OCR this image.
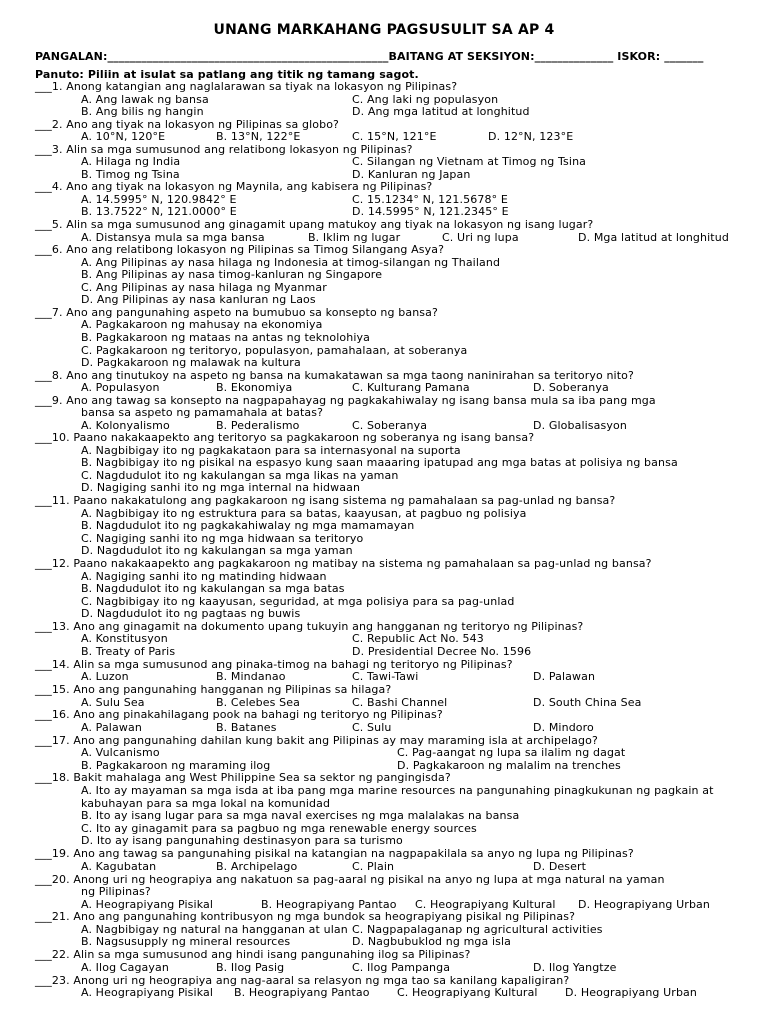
UNANG MARKAHANG PAGSUSULIT SA AP 4
PANGALAN:__________________________________________________BAITANG AT SEKSIYON:______________ ISKOR: _______
Panuto: Piliin at isulat sa patlang ang titik ng tamang sagot.
___1. Anong katangian ang naglalarawan sa tiyak na lokasyon ng Pilipinas?
A. Ang lawak ng bansa	C. Ang laki ng populasyon
B. Ang bilis ng hangin	D. Ang mga latitud at longhitud
___2. Ano ang tiyak na lokasyon ng Pilipinas sa globo?
A. 10°N, 120°E	B. 13°N, 122°E	C. 15°N, 121°E	D. 12°N, 123°E
___3. Alin sa mga sumusunod ang relatibong lokasyon ng Pilipinas?
A. Hilaga ng India	C. Silangan ng Vietnam at Timog ng Tsina
B. Timog ng Tsina	D. Kanluran ng Japan
___4. Ano ang tiyak na lokasyon ng Maynila, ang kabisera ng Pilipinas?
A. 14.5995° N, 120.9842° E	C. 15.1234° N, 121.5678° E
B. 13.7522° N, 121.0000° E	D. 14.5995° N, 121.2345° E
___5. Alin sa mga sumusunod ang ginagamit upang matukoy ang tiyak na lokasyon ng isang lugar?
A. Distansya mula sa mga bansa	B. Iklim ng lugar	C. Uri ng lupa	D. Mga latitud at longhitud
___6. Ano ang relatibong lokasyon ng Pilipinas sa Timog Silangang Asya?
A. Ang Pilipinas ay nasa hilaga ng Indonesia at timog-silangan ng Thailand
B. Ang Pilipinas ay nasa timog-kanluran ng Singapore
C. Ang Pilipinas ay nasa hilaga ng Myanmar
D. Ang Pilipinas ay nasa kanluran ng Laos
___7. Ano ang pangunahing aspeto na bumubuo sa konsepto ng bansa?
A. Pagkakaroon ng mahusay na ekonomiya
B. Pagkakaroon ng mataas na antas ng teknolohiya
C. Pagkakaroon ng teritoryo, populasyon, pamahalaan, at soberanya
D. Pagkakaroon ng malawak na kultura
___8. Ano ang tinutukoy na aspeto ng bansa na kumakatawan sa mga taong naninirahan sa teritoryo nito?
A. Populasyon	B. Ekonomiya	C. Kulturang Pamana	D. Soberanya
___9. Ano ang tawag sa konsepto na nagpapahayag ng pagkakahiwalay ng isang bansa mula sa iba pang mga
bansa sa aspeto ng pamamahala at batas?
A. Kolonyalismo	B. Pederalismo	C. Soberanya	D. Globalisasyon
___10. Paano nakakaapekto ang teritoryo sa pagkakaroon ng soberanya ng isang bansa?
A. Nagbibigay ito ng pagkakataon para sa internasyonal na suporta
B. Nagbibigay ito ng pisikal na espasyo kung saan maaaring ipatupad ang mga batas at polisiya ng bansa
C. Nagdudulot ito ng kakulangan sa mga likas na yaman
D. Nagiging sanhi ito ng mga internal na hidwaan
___11. Paano nakakatulong ang pagkakaroon ng isang sistema ng pamahalaan sa pag-unlad ng bansa?
A. Nagbibigay ito ng estruktura para sa batas, kaayusan, at pagbuo ng polisiya
B. Nagdudulot ito ng pagkakahiwalay ng mga mamamayan
C. Nagiging sanhi ito ng mga hidwaan sa teritoryo
D. Nagdudulot ito ng kakulangan sa mga yaman
___12. Paano nakakaapekto ang pagkakaroon ng matibay na sistema ng pamahalaan sa pag-unlad ng bansa?
A. Nagiging sanhi ito ng matinding hidwaan
B. Nagdudulot ito ng kakulangan sa mga batas
C. Nagbibigay ito ng kaayusan, seguridad, at mga polisiya para sa pag-unlad
D. Nagdudulot ito ng pagtaas ng buwis
___13. Ano ang ginagamit na dokumento upang tukuyin ang hangganan ng teritoryo ng Pilipinas?
A. Konstitusyon	C. Republic Act No. 543
B. Treaty of Paris	D. Presidential Decree No. 1596
___14. Alin sa mga sumusunod ang pinaka-timog na bahagi ng teritoryo ng Pilipinas?
A. Luzon	B. Mindanao	C. Tawi-Tawi	D. Palawan
___15. Ano ang pangunahing hangganan ng Pilipinas sa hilaga?
A. Sulu Sea	B. Celebes Sea	C. Bashi Channel	D. South China Sea
___16. Ano ang pinakahilagang pook na bahagi ng teritoryo ng Pilipinas?
A. Palawan	B. Batanes	C. Sulu	D. Mindoro
___17. Ano ang pangunahing dahilan kung bakit ang Pilipinas ay may maraming isla at archipelago?
A. Vulcanismo	C. Pag-aangat ng lupa sa ilalim ng dagat
B. Pagkakaroon ng maraming ilog	D. Pagkakaroon ng malalim na trenches
___18. Bakit mahalaga ang West Philippine Sea sa sektor ng pangingisda?
A. Ito ay mayaman sa mga isda at iba pang mga marine resources na pangunahing pinagkukunan ng pagkain at
kabuhayan para sa mga lokal na komunidad
B. Ito ay isang lugar para sa mga naval exercises ng mga malalakas na bansa
C. Ito ay ginagamit para sa pagbuo ng mga renewable energy sources
D. Ito ay isang pangunahing destinasyon para sa turismo
___19. Ano ang tawag sa pangunahing pisikal na katangian na nagpapakilala sa anyo ng lupa ng Pilipinas?
A. Kagubatan	B. Archipelago	C. Plain	D. Desert
___20. Anong uri ng heograpiya ang nakatuon sa pag-aaral ng pisikal na anyo ng lupa at mga natural na yaman
ng Pilipinas?
A. Heograpiyang Pisikal	B. Heograpiyang Pantao C. Heograpiyang Kultural D. Heograpiyang Urban
___21. Ano ang pangunahing kontribusyon ng mga bundok sa heograpiyang pisikal ng Pilipinas?
A. Nagbibigay ng natural na hangganan at ulan C. Nagpapalaganap ng agricultural activities
B. Nagsusupply ng mineral resources	D. Nagbubuklod ng mga isla
___22. Alin sa mga sumusunod ang hindi isang pangunahing ilog sa Pilipinas?
A. Ilog Cagayan	B. Ilog Pasig	C. Ilog Pampanga	D. Ilog Yangtze
___23. Anong uri ng heograpiya ang nag-aaral sa relasyon ng mga tao sa kanilang kapaligiran?
A. Heograpiyang Pisikal B. Heograpiyang Pantao C. Heograpiyang Kultural D. Heograpiyang Urban
